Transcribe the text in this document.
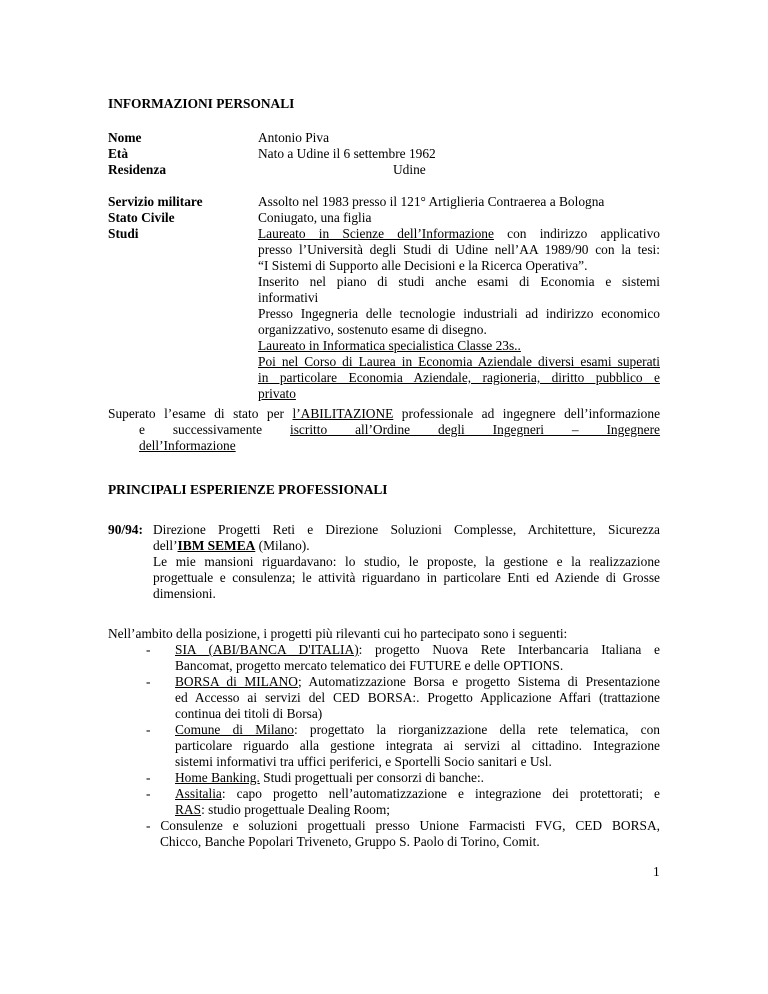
INFORMAZIONI PERSONALI
Nome
Età
Residenza
Antonio Piva
Nato a Udine il 6 settembre 1962
Udine
Servizio militare
Stato Civile
Studi
Assolto nel 1983 presso il 121° Artiglieria Contraerea a Bologna
Coniugato, una figlia
Laureato in Scienze dell’Informazione con indirizzo applicativo
presso l’Università degli Studi di Udine nell’AA 1989/90 con la tesi:
“I Sistemi di Supporto alle Decisioni e la Ricerca Operativa”.
Inserito nel piano di studi anche esami di Economia e sistemi
informativi
Presso Ingegneria delle tecnologie industriali ad indirizzo economico
organizzativo, sostenuto esame di disegno.
Laureato in Informatica specialistica Classe 23s..
Poi nel Corso di Laurea in Economia Aziendale diversi esami superati
in particolare Economia Aziendale, ragioneria, diritto pubblico e
privato
Superato l’esame di stato per l’ABILITAZIONE professionale ad ingegnere dell’informazione
e successivamente iscritto all’Ordine degli Ingegneri – Ingegnere
dell’Informazione
PRINCIPALI ESPERIENZE PROFESSIONALI
90/94: Direzione Progetti Reti e Direzione Soluzioni Complesse, Architetture, Sicurezza
dell’IBM SEMEA (Milano).
Le mie mansioni riguardavano: lo studio, le proposte, la gestione e la realizzazione
progettuale e consulenza; le attività riguardano in particolare Enti ed Aziende di Grosse
dimensioni.
Nell’ambito della posizione, i progetti più rilevanti cui ho partecipato sono i seguenti:
- SIA (ABI/BANCA D'ITALIA): progetto Nuova Rete Interbancaria Italiana e
Bancomat, progetto mercato telematico dei FUTURE e delle OPTIONS.
- BORSA di MILANO; Automatizzazione Borsa e progetto Sistema di Presentazione
ed Accesso ai servizi del CED BORSA:. Progetto Applicazione Affari (trattazione
continua dei titoli di Borsa)
- Comune di Milano: progettato la riorganizzazione della rete telematica, con
particolare riguardo alla gestione integrata ai servizi al cittadino. Integrazione
sistemi informativi tra uffici periferici, e Sportelli Socio sanitari e Usl.
- Home Banking. Studi progettuali per consorzi di banche:.
- Assitalia: capo progetto nell’automatizzazione e integrazione dei protettorati; e
RAS: studio progettuale Dealing Room;
- Consulenze e soluzioni progettuali presso Unione Farmacisti FVG, CED BORSA,
Chicco, Banche Popolari Triveneto, Gruppo S. Paolo di Torino, Comit.
1
